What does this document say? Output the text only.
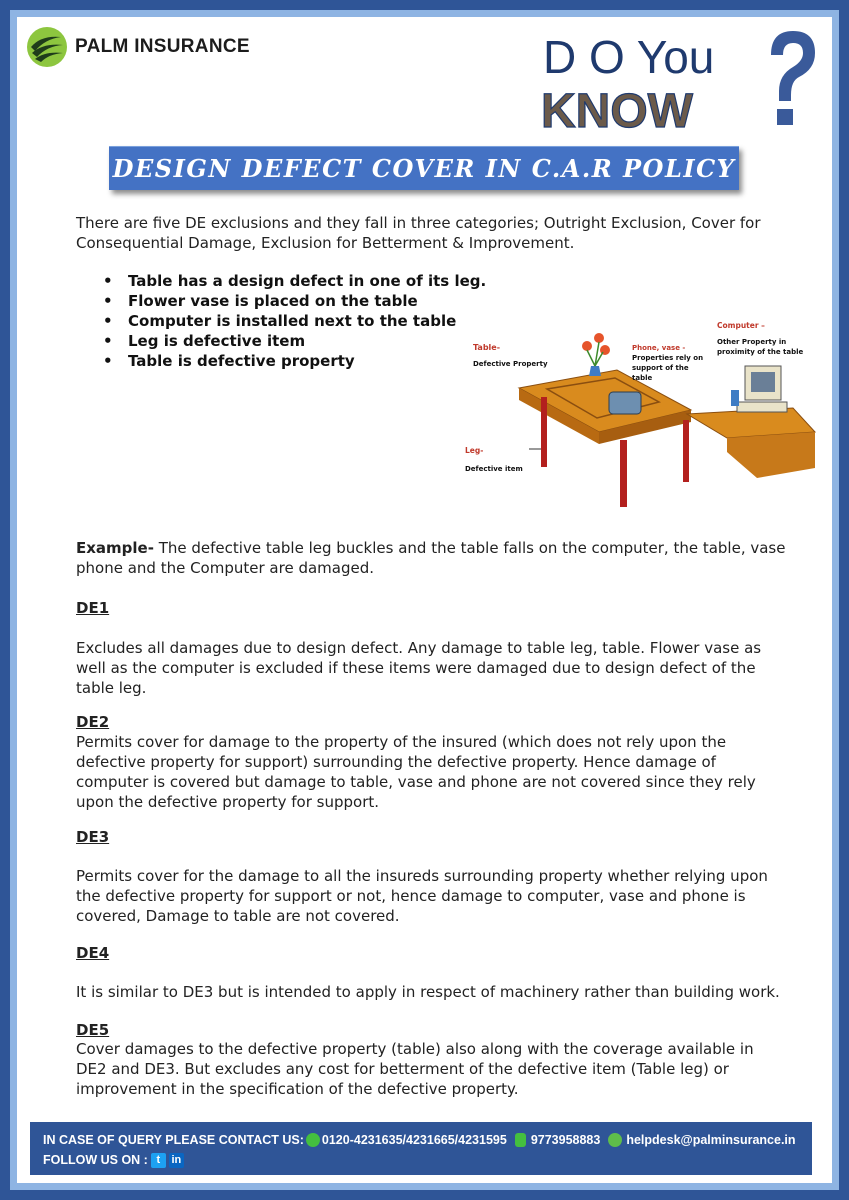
PALM INSURANCE	D O You
KNOW
DESIGN DEFECT COVER IN C.A.R POLICY

There are five DE exclusions and they fall in three categories; Outright Exclusion, Cover for Consequential Damage, Exclusion for Betterment & Improvement.

• Table has a design defect in one of its leg.
• Flower vase is placed on the table
• Computer is installed next to the table
• Leg is defective item
• Table is defective property
Table-
Defective Property
Phone, vase -
Properties rely on
support of the
table
Computer –
Other Property in
proximity of the table
Leg-
Defective item

Example- The defective table leg buckles and the table falls on the computer, the table, vase phone and the Computer are damaged.

DE1

Excludes all damages due to design defect. Any damage to table leg, table. Flower vase as well as the computer is excluded if these items were damaged due to design defect of the table leg.

DE2

Permits cover for damage to the property of the insured (which does not rely upon the defective property for support) surrounding the defective property. Hence damage of computer is covered but damage to table, vase and phone are not covered since they rely upon the defective property for support.

DE3

Permits cover for the damage to all the insureds surrounding property whether relying upon the defective property for support or not, hence damage to computer, vase and phone is covered, Damage to table are not covered.

DE4

It is similar to DE3 but is intended to apply in respect of machinery rather than building work.

DE5

Cover damages to the defective property (table) also along with the coverage available in DE2 and DE3. But excludes any cost for betterment of the defective item (Table leg) or improvement in the specification of the defective property.

IN CASE OF QUERY PLEASE CONTACT US: 0120-4231635/4231665/4231595 9773958883 helpdesk@palminsurance.in
FOLLOW US ON : t	in
